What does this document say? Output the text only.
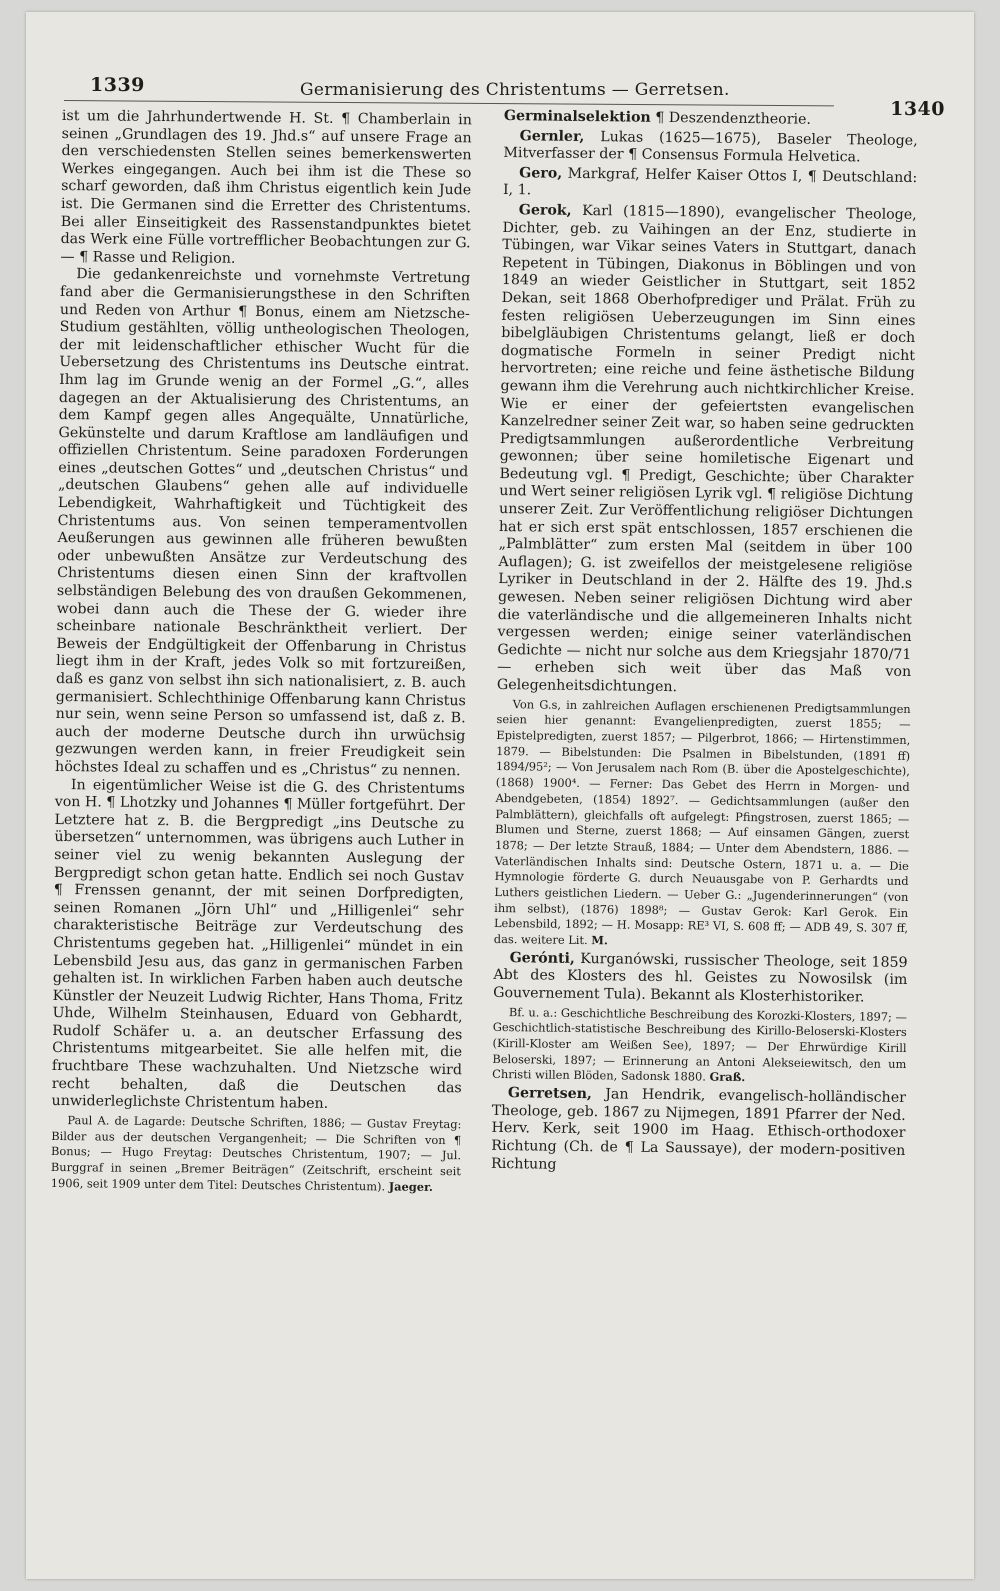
1339	Germanisierung des Christentums — Gerretsen.
1340

ist um die Jahrhundertwende H. St. ¶ Chamberlain in seinen „Grundlagen des 19. Jhd.s“ auf unsere Frage an den verschiedensten Stellen seines bemerkenswerten Werkes eingegangen. Auch bei ihm ist die These so scharf geworden, daß ihm Christus eigentlich kein Jude ist. Die Germanen sind die Erretter des Christentums. Bei aller Einseitigkeit des Rassenstandpunktes bietet das Werk eine Fülle vortrefflicher Beobachtungen zur G. — ¶ Rasse und Religion.

Die gedankenreichste und vornehmste Vertretung fand aber die Germanisierungsthese in den Schriften und Reden von Arthur ¶ Bonus, einem am Nietzsche-Studium gestählten, völlig untheologischen Theologen, der mit leidenschaftlicher ethischer Wucht für die Uebersetzung des Christentums ins Deutsche eintrat. Ihm lag im Grunde wenig an der Formel „G.“, alles dagegen an der Aktualisierung des Christentums, an dem Kampf gegen alles Angequälte, Unnatürliche, Gekünstelte und darum Kraftlose am landläufigen und offiziellen Christentum. Seine paradoxen Forderungen eines „deutschen Gottes“ und „deutschen Christus“ und „deutschen Glaubens“ gehen alle auf individuelle Lebendigkeit, Wahrhaftigkeit und Tüchtigkeit des Christentums aus. Von seinen temperamentvollen Aeußerungen aus gewinnen alle früheren bewußten oder unbewußten Ansätze zur Verdeutschung des Christentums diesen einen Sinn der kraftvollen selbständigen Belebung des von draußen Gekommenen, wobei dann auch die These der G. wieder ihre scheinbare nationale Beschränktheit verliert. Der Beweis der Endgültigkeit der Offenbarung in Christus liegt ihm in der Kraft, jedes Volk so mit fortzureißen, daß es ganz von selbst ihn sich nationalisiert, z. B. auch germanisiert. Schlechthinige Offenbarung kann Christus nur sein, wenn seine Person so umfassend ist, daß z. B. auch der moderne Deutsche durch ihn urwüchsig gezwungen werden kann, in freier Freudigkeit sein höchstes Ideal zu schaffen und es „Christus“ zu nennen.

In eigentümlicher Weise ist die G. des Christentums von H. ¶ Lhotzky und Johannes ¶ Müller fortgeführt. Der Letztere hat z. B. die Bergpredigt „ins Deutsche zu übersetzen“ unternommen, was übrigens auch Luther in seiner viel zu wenig bekannten Auslegung der Bergpredigt schon getan hatte. Endlich sei noch Gustav ¶ Frenssen genannt, der mit seinen Dorfpredigten, seinen Romanen „Jörn Uhl“ und „Hilligenlei“ sehr charakteristische Beiträge zur Verdeutschung des Christentums gegeben hat. „Hilligenlei“ mündet in ein Lebensbild Jesu aus, das ganz in germanischen Farben gehalten ist. In wirklichen Farben haben auch deutsche Künstler der Neuzeit Ludwig Richter, Hans Thoma, Fritz Uhde, Wilhelm Steinhausen, Eduard von Gebhardt, Rudolf Schäfer u. a. an deutscher Erfassung des Christentums mitgearbeitet. Sie alle helfen mit, die fruchtbare These wachzuhalten. Und Nietzsche wird recht behalten, daß die Deutschen das unwiderleglichste Christentum haben.

Paul A. de Lagarde: Deutsche Schriften, 1886; — Gustav Freytag: Bilder aus der deutschen Vergangenheit; — Die Schriften von ¶ Bonus; — Hugo Freytag: Deutsches Christentum, 1907; — Jul. Burggraf in seinen „Bremer Beiträgen“ (Zeitschrift, erscheint seit 1906, seit 1909 unter dem Titel: Deutsches Christentum). Jaeger.

Germinalselektion ¶ Deszendenztheorie.

Gernler, Lukas (1625—1675), Baseler Theologe, Mitverfasser der ¶ Consensus Formula Helvetica.

Gero, Markgraf, Helfer Kaiser Ottos I, ¶ Deutschland: I, 1.

Gerok, Karl (1815—1890), evangelischer Theologe, Dichter, geb. zu Vaihingen an der Enz, studierte in Tübingen, war Vikar seines Vaters in Stuttgart, danach Repetent in Tübingen, Diakonus in Böblingen und von 1849 an wieder Geistlicher in Stuttgart, seit 1852 Dekan, seit 1868 Oberhofprediger und Prälat. Früh zu festen religiösen Ueberzeugungen im Sinn eines bibelgläubigen Christentums gelangt, ließ er doch dogmatische Formeln in seiner Predigt nicht hervortreten; eine reiche und feine ästhetische Bildung gewann ihm die Verehrung auch nichtkirchlicher Kreise. Wie er einer der gefeiertsten evangelischen Kanzelredner seiner Zeit war, so haben seine gedruckten Predigtsammlungen außerordentliche Verbreitung gewonnen; über seine homiletische Eigenart und Bedeutung vgl. ¶ Predigt, Geschichte; über Charakter und Wert seiner religiösen Lyrik vgl. ¶ religiöse Dichtung unserer Zeit. Zur Veröffentlichung religiöser Dichtungen hat er sich erst spät entschlossen, 1857 erschienen die „Palmblätter“ zum ersten Mal (seitdem in über 100 Auflagen); G. ist zweifellos der meistgelesene religiöse Lyriker in Deutschland in der 2. Hälfte des 19. Jhd.s gewesen. Neben seiner religiösen Dichtung wird aber die vaterländische und die allgemeineren Inhalts nicht vergessen werden; einige seiner vaterländischen Gedichte — nicht nur solche aus dem Kriegsjahr 1870/71 — erheben sich weit über das Maß von Gelegenheitsdichtungen.

Von G.s, in zahlreichen Auflagen erschienenen Predigtsammlungen seien hier genannt: Evangelienpredigten, zuerst 1855; — Epistelpredigten, zuerst 1857; — Pilgerbrot, 1866; — Hirtenstimmen, 1879. — Bibelstunden: Die Psalmen in Bibelstunden, (1891 ff) 1894/95²; — Von Jerusalem nach Rom (B. über die Apostelgeschichte), (1868) 1900⁴. — Ferner: Das Gebet des Herrn in Morgen- und Abendgebeten, (1854) 1892⁷. — Gedichtsammlungen (außer den Palmblättern), gleichfalls oft aufgelegt: Pfingstrosen, zuerst 1865; — Blumen und Sterne, zuerst 1868; — Auf einsamen Gängen, zuerst 1878; — Der letzte Strauß, 1884; — Unter dem Abendstern, 1886. — Vaterländischen Inhalts sind: Deutsche Ostern, 1871 u. a. — Die Hymnologie förderte G. durch Neuausgabe von P. Gerhardts und Luthers geistlichen Liedern. — Ueber G.: „Jugenderinnerungen“ (von ihm selbst), (1876) 1898⁸; — Gustav Gerok: Karl Gerok. Ein Lebensbild, 1892; — H. Mosapp: RE³ VI, S. 608 ff; — ADB 49, S. 307 ff, das. weitere Lit. M.

Gerónti, Kurganówski, russischer Theologe, seit 1859 Abt des Klosters des hl. Geistes zu Nowosilsk (im Gouvernement Tula). Bekannt als Klosterhistoriker.

Bf. u. a.: Geschichtliche Beschreibung des Korozki-Klosters, 1897; — Geschichtlich-statistische Beschreibung des Kirillo-Beloserski-Klosters (Kirill-Kloster am Weißen See), 1897; — Der Ehrwürdige Kirill Beloserski, 1897; — Erinnerung an Antoni Alekseiewitsch, den um Christi willen Blöden, Sadonsk 1880. Graß.

Gerretsen, Jan Hendrik, evangelisch-holländischer Theologe, geb. 1867 zu Nijmegen, 1891 Pfarrer der Ned. Herv. Kerk, seit 1900 im Haag. Ethisch-orthodoxer Richtung (Ch. de ¶ La Saussaye), der modern-positiven Richtung
